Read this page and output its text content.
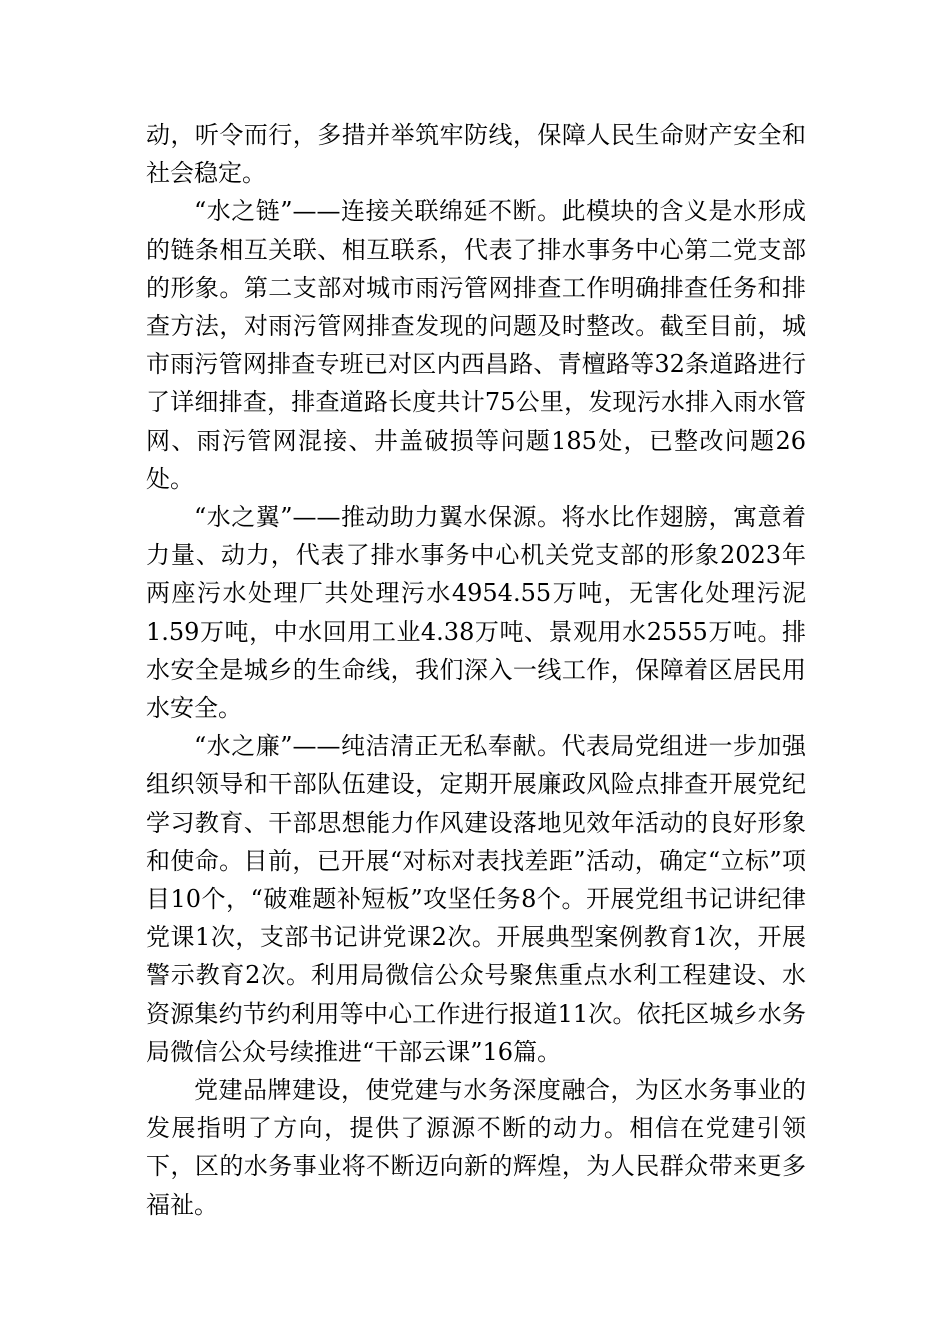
动，听令而行，多措并举筑牢防线，保障人民生命财产安全和社会稳定。

“水之链”——连接关联绵延不断。此模块的含义是水形成的链条相互关联、相互联系，代表了排水事务中心第二党支部的形象。第二支部对城市雨污管网排查工作明确排查任务和排查方法，对雨污管网排查发现的问题及时整改。截至目前，城市雨污管网排查专班已对区内西昌路、青檀路等32条道路进行了详细排查，排查道路长度共计75公里，发现污水排入雨水管网、雨污管网混接、井盖破损等问题185处，已整改问题26处。

“水之翼”——推动助力翼水保源。将水比作翅膀，寓意着力量、动力，代表了排水事务中心机关党支部的形象2023年两座污水处理厂共处理污水4954.55万吨，无害化处理污泥1.59万吨，中水回用工业4.38万吨、景观用水2555万吨。排水安全是城乡的生命线，我们深入一线工作，保障着区居民用水安全。

“水之廉”——纯洁清正无私奉献。代表局党组进一步加强组织领导和干部队伍建设，定期开展廉政风险点排查开展党纪学习教育、干部思想能力作风建设落地见效年活动的良好形象和使命。目前，已开展“对标对表找差距”活动，确定“立标”项目10个，“破难题补短板”攻坚任务8个。开展党组书记讲纪律党课1次，支部书记讲党课2次。开展典型案例教育1次，开展警示教育2次。利用局微信公众号聚焦重点水利工程建设、水资源集约节约利用等中心工作进行报道11次。依托区城乡水务局微信公众号续推进“干部云课”16篇。

党建品牌建设，使党建与水务深度融合，为区水务事业的发展指明了方向，提供了源源不断的动力。相信在党建引领下，区的水务事业将不断迈向新的辉煌，为人民群众带来更多福祉。
